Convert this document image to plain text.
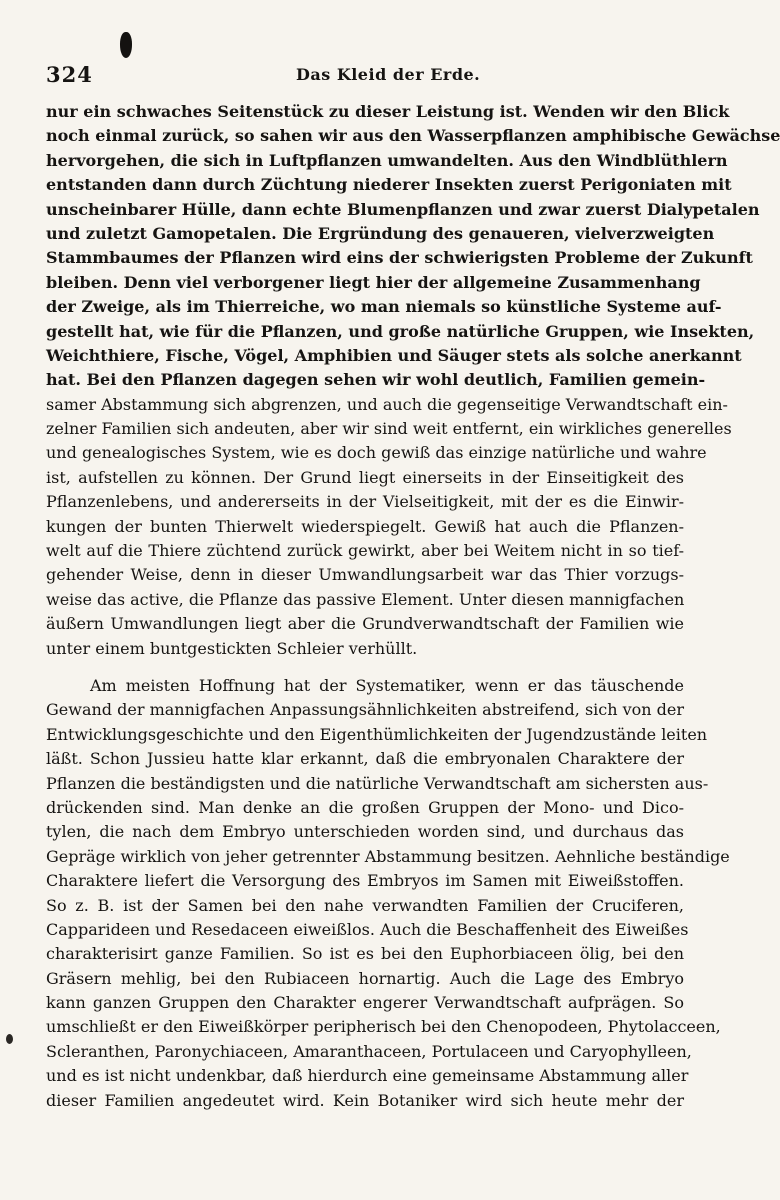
324	Das Kleid der Erde.
nur ein schwaches Seitenstück zu dieser Leistung ist. Wenden wir den Blick
noch einmal zurück, so sahen wir aus den Wasserpflanzen amphibische Gewächse
hervorgehen, die sich in Luftpflanzen umwandelten. Aus den Windblüthlern
entstanden dann durch Züchtung niederer Insekten zuerst Perigoniaten mit
unscheinbarer Hülle, dann echte Blumenpflanzen und zwar zuerst Dialypetalen
und zuletzt Gamopetalen. Die Ergründung des genaueren, vielverzweigten
Stammbaumes der Pflanzen wird eins der schwierigsten Probleme der Zukunft
bleiben. Denn viel verborgener liegt hier der allgemeine Zusammenhang
der Zweige, als im Thierreiche, wo man niemals so künstliche Systeme auf-
gestellt hat, wie für die Pflanzen, und große natürliche Gruppen, wie Insekten,
Weichthiere, Fische, Vögel, Amphibien und Säuger stets als solche anerkannt
hat. Bei den Pflanzen dagegen sehen wir wohl deutlich, Familien gemein-
samer Abstammung sich abgrenzen, und auch die gegenseitige Verwandtschaft ein-
zelner Familien sich andeuten, aber wir sind weit entfernt, ein wirkliches generelles
und genealogisches System, wie es doch gewiß das einzige natürliche und wahre
ist, aufstellen zu können. Der Grund liegt einerseits in der Einseitigkeit des
Pflanzenlebens, und andererseits in der Vielseitigkeit, mit der es die Einwir-
kungen der bunten Thierwelt wiederspiegelt. Gewiß hat auch die Pflanzen-
welt auf die Thiere züchtend zurück gewirkt, aber bei Weitem nicht in so tief-
gehender Weise, denn in dieser Umwandlungsarbeit war das Thier vorzugs-
weise das active, die Pflanze das passive Element. Unter diesen mannigfachen
äußern Umwandlungen liegt aber die Grundverwandtschaft der Familien wie
unter einem buntgestickten Schleier verhüllt.
Am meisten Hoffnung hat der Systematiker, wenn er das täuschende
Gewand der mannigfachen Anpassungsähnlichkeiten abstreifend, sich von der
Entwicklungsgeschichte und den Eigenthümlichkeiten der Jugendzustände leiten
läßt. Schon Jussieu hatte klar erkannt, daß die embryonalen Charaktere der
Pflanzen die beständigsten und die natürliche Verwandtschaft am sichersten aus-
drückenden sind. Man denke an die großen Gruppen der Mono- und Dico-
tylen, die nach dem Embryo unterschieden worden sind, und durchaus das
Gepräge wirklich von jeher getrennter Abstammung besitzen. Aehnliche beständige
Charaktere liefert die Versorgung des Embryos im Samen mit Eiweißstoffen.
So z. B. ist der Samen bei den nahe verwandten Familien der Cruciferen,
Capparideen und Resedaceen eiweißlos. Auch die Beschaffenheit des Eiweißes
charakterisirt ganze Familien. So ist es bei den Euphorbiaceen ölig, bei den
Gräsern mehlig, bei den Rubiaceen hornartig. Auch die Lage des Embryo
kann ganzen Gruppen den Charakter engerer Verwandtschaft aufprägen. So
umschließt er den Eiweißkörper peripherisch bei den Chenopodeen, Phytolacceen,
Scleranthen, Paronychiaceen, Amaranthaceen, Portulaceen und Caryophylleen,
und es ist nicht undenkbar, daß hierdurch eine gemeinsame Abstammung aller
dieser Familien angedeutet wird. Kein Botaniker wird sich heute mehr der
